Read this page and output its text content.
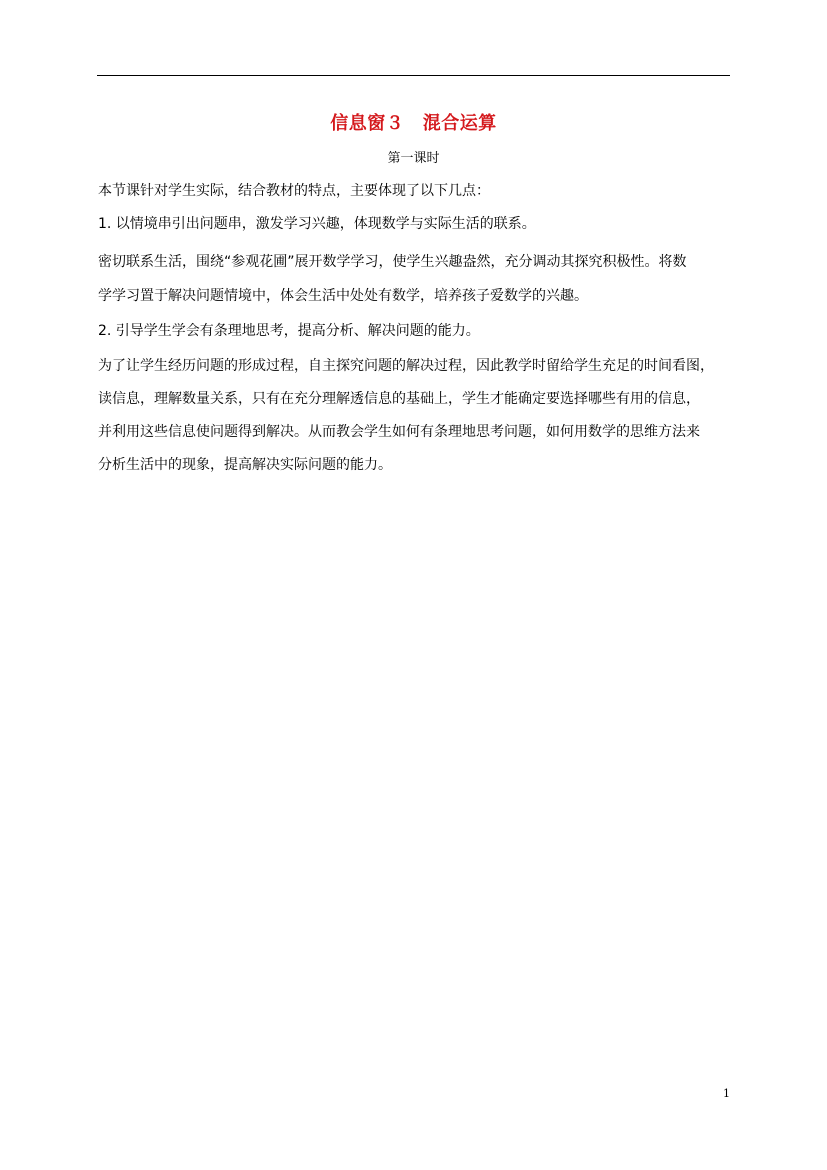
信息窗３　混合运算
第一课时
本节课针对学生实际，结合教材的特点，主要体现了以下几点：
1. 以情境串引出问题串，激发学习兴趣，体现数学与实际生活的联系。
密切联系生活，围绕“参观花圃”展开数学学习，使学生兴趣盎然，充分调动其探究积极性。将数
学学习置于解决问题情境中，体会生活中处处有数学，培养孩子爱数学的兴趣。
2. 引导学生学会有条理地思考，提高分析、解决问题的能力。
为了让学生经历问题的形成过程，自主探究问题的解决过程，因此教学时留给学生充足的时间看图，
读信息，理解数量关系，只有在充分理解透信息的基础上，学生才能确定要选择哪些有用的信息，
并利用这些信息使问题得到解决。从而教会学生如何有条理地思考问题，如何用数学的思维方法来
分析生活中的现象，提高解决实际问题的能力。
1
